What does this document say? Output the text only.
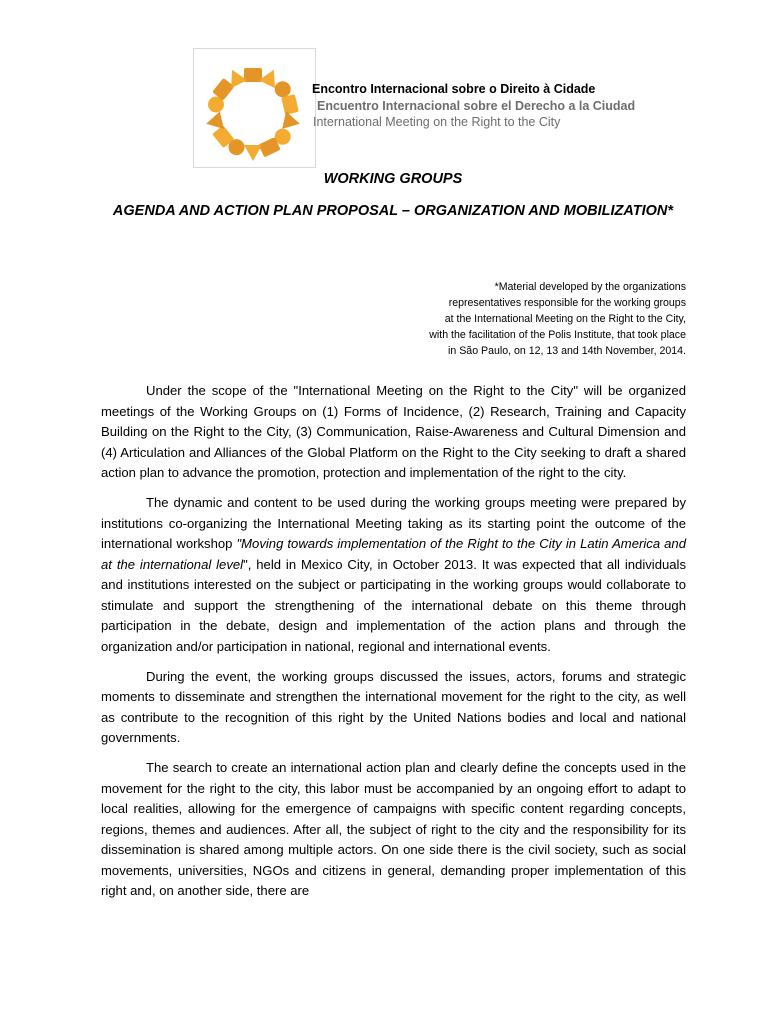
Encontro Internacional sobre o Direito à Cidade
Encuentro Internacional sobre el Derecho a la Ciudad
International Meeting on the Right to the City
WORKING GROUPS
AGENDA AND ACTION PLAN PROPOSAL – ORGANIZATION AND MOBILIZATION*
*Material developed by the organizations
representatives responsible for the working groups
at the International Meeting on the Right to the City,
with the facilitation of the Polis Institute, that took place
in São Paulo, on 12, 13 and 14th November, 2014.

Under the scope of the "International Meeting on the Right to the City" will be organized meetings of the Working Groups on (1) Forms of Incidence, (2) Research, Training and Capacity Building on the Right to the City, (3) Communication, Raise-Awareness and Cultural Dimension and (4) Articulation and Alliances of the Global Platform on the Right to the City seeking to draft a shared action plan to advance the promotion, protection and implementation of the right to the city.

The dynamic and content to be used during the working groups meeting were prepared by institutions co-organizing the International Meeting taking as its starting point the outcome of the international workshop "Moving towards implementation of the Right to the City in Latin America and at the international level", held in Mexico City, in October 2013. It was expected that all individuals and institutions interested on the subject or participating in the working groups would collaborate to stimulate and support the strengthening of the international debate on this theme through participation in the debate, design and implementation of the action plans and through the organization and/or participation in national, regional and international events.

During the event, the working groups discussed the issues, actors, forums and strategic moments to disseminate and strengthen the international movement for the right to the city, as well as contribute to the recognition of this right by the United Nations bodies and local and national governments.

The search to create an international action plan and clearly define the concepts used in the movement for the right to the city, this labor must be accompanied by an ongoing effort to adapt to local realities, allowing for the emergence of campaigns with specific content regarding concepts, regions, themes and audiences. After all, the subject of right to the city and the responsibility for its dissemination is shared among multiple actors. On one side there is the civil society, such as social movements, universities, NGOs and citizens in general, demanding proper implementation of this right and, on another side, there are
